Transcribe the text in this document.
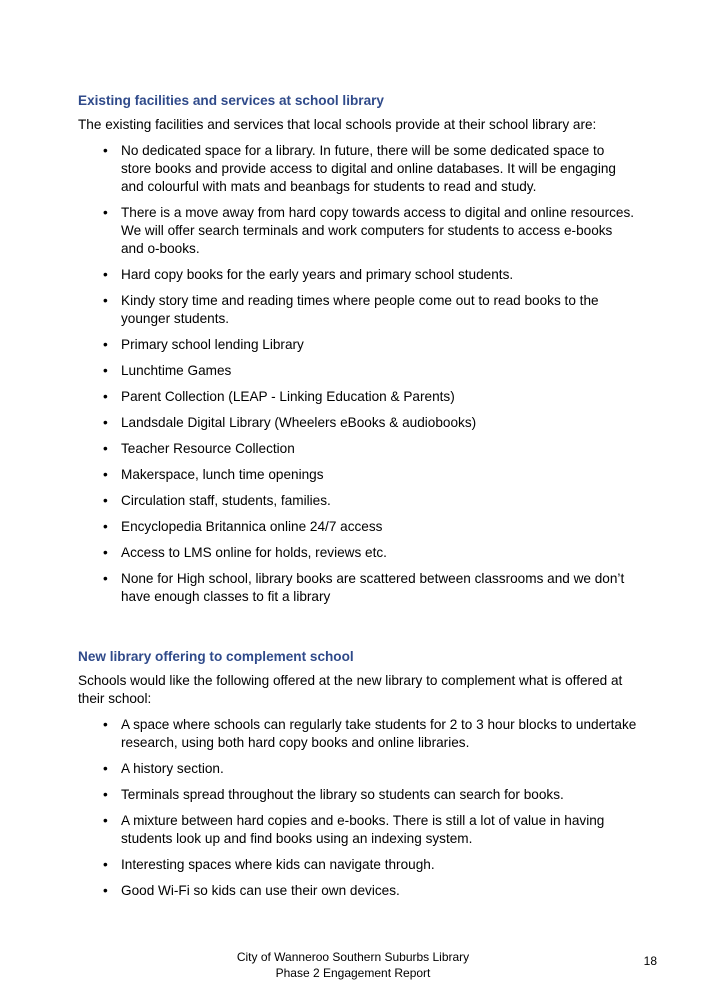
Existing facilities and services at school library

The existing facilities and services that local schools provide at their school library are:

• No dedicated space for a library. In future, there will be some dedicated space to store books and provide access to digital and online databases. It will be engaging and colourful with mats and beanbags for students to read and study.
• There is a move away from hard copy towards access to digital and online resources. We will offer search terminals and work computers for students to access e-books and o-books.
• Hard copy books for the early years and primary school students.
• Kindy story time and reading times where people come out to read books to the younger students.
• Primary school lending Library
• Lunchtime Games
• Parent Collection (LEAP - Linking Education & Parents)
• Landsdale Digital Library (Wheelers eBooks & audiobooks)
• Teacher Resource Collection
• Makerspace, lunch time openings
• Circulation staff, students, families.
• Encyclopedia Britannica online 24/7 access
• Access to LMS online for holds, reviews etc.
• None for High school, library books are scattered between classrooms and we don’t have enough classes to fit a library
New library offering to complement school

Schools would like the following offered at the new library to complement what is offered at their school:

• A space where schools can regularly take students for 2 to 3 hour blocks to undertake research, using both hard copy books and online libraries.
• A history section.
• Terminals spread throughout the library so students can search for books.
• A mixture between hard copies and e-books. There is still a lot of value in having students look up and find books using an indexing system.
• Interesting spaces where kids can navigate through.
• Good Wi-Fi so kids can use their own devices.
City of Wanneroo Southern Suburbs Library
Phase 2 Engagement Report
18
